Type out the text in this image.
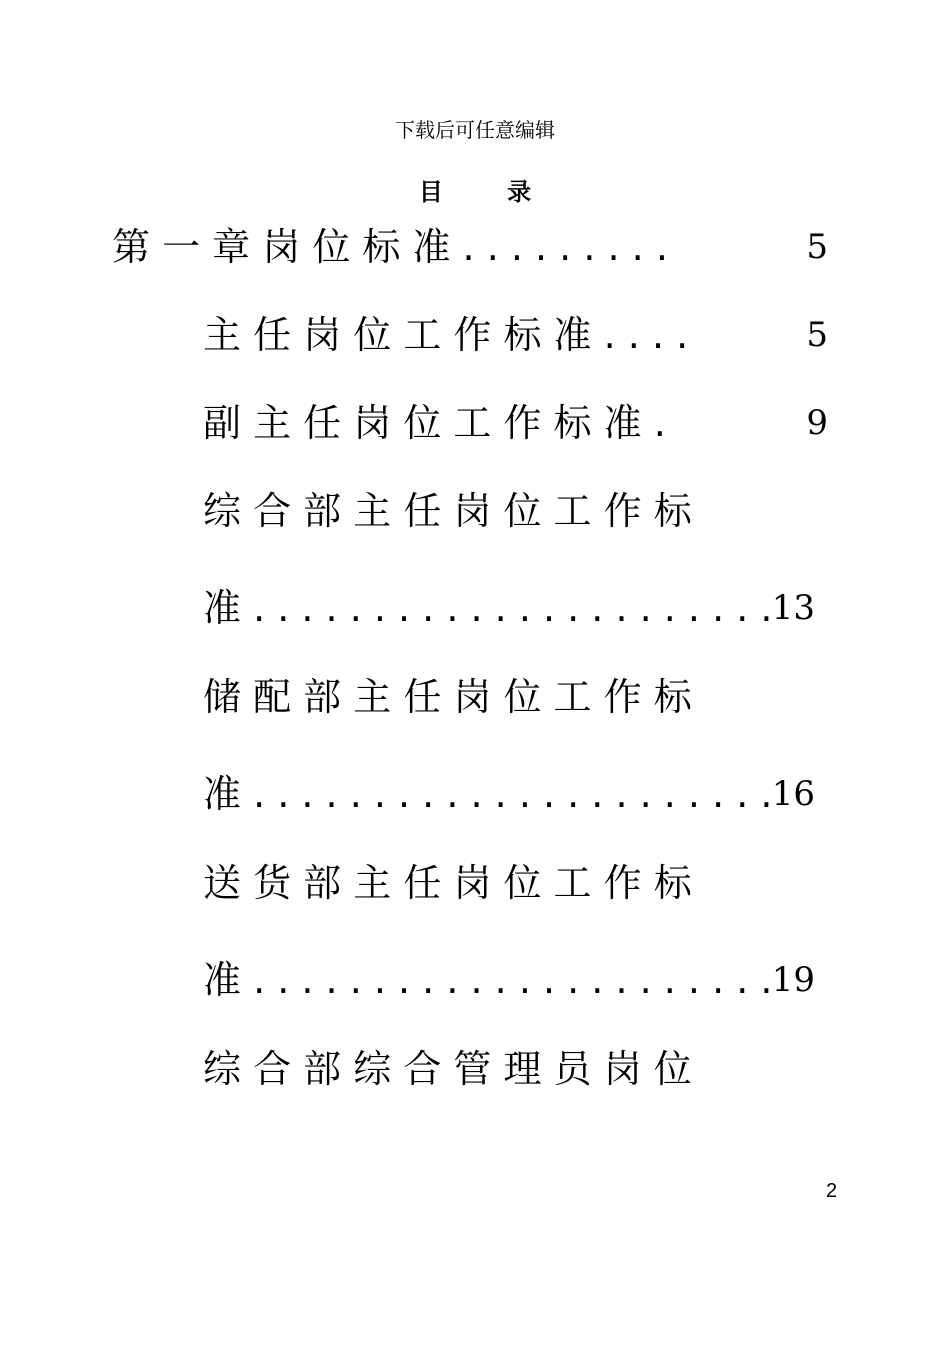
下载后可任意编辑
目 录
第 一 章 岗 位 标 准 . . . . . . . . .	5
主 任 岗 位 工 作 标 准 . . . .	5
副 主 任 岗 位 工 作 标 准 .	9
综 合 部 主 任 岗 位 工 作 标
准 . . . . . . . . . . . . . . . . . . . . . . 13
储 配 部 主 任 岗 位 工 作 标
准 . . . . . . . . . . . . . . . . . . . . . . 16
送 货 部 主 任 岗 位 工 作 标
准 . . . . . . . . . . . . . . . . . . . . . . 19
综 合 部 综 合 管 理 员 岗 位
2
